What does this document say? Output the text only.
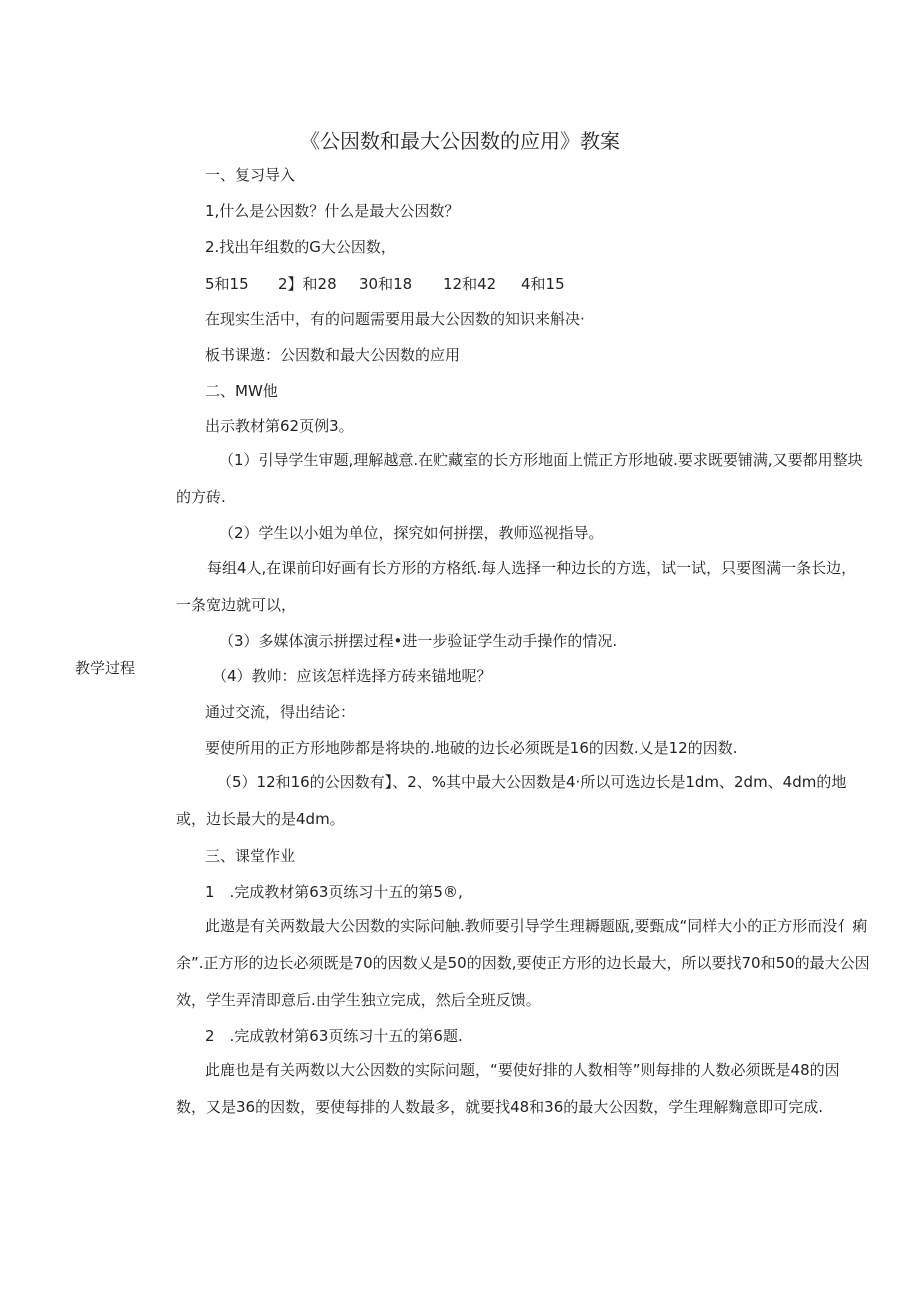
《公因数和最大公因数的应用》教案
教学过程
一、复习导入
1,什么是公因数？什么是最大公因数？
2.找出年组数的G大公因数，
5和15 2】和28 30和18 12和42 4和15
在现实生活中，有的问题需要用最大公因数的知识来斛决·
板书课遨：公因数和最大公因数的应用
二、MW他
出示教材第62页例3。
（1）引导学生审题,理解越意.在贮藏室的长方形地面上慌正方形地破.要求既要铺满,又要都用整块的方砖.
（2）学生以小姐为单位，探究如何拼摆，教师巡视指导。
每组4人,在课前印好画有长方形的方格纸.每人选择一种边长的方选，试一试，只要图满一条长边，一条宽边就可以，
（3）多媒体演示拼摆过程•进一步验证学生动手操作的情况.
（4）教帅：应该怎样选择方砖来锚地呢？
通过交流，得出结论：
要使所用的正方形地陟都是将块的.地破的边长必须既是16的因数.乂是12的因数.
（5）12和16的公因数有】、2、%其中最大公因数是4·所以可选边长是1dm、2dm、4dm的地或，边长最大的是4dm。
三、课堂作业
1　.完成教材第63页练习十五的第5®,
此遨是有关两数最大公因数的实际问触.教师要引导学生理耨题瓯,要甄成“同样大小的正方形而没亻痢余”.正方形的边长必须既是70的因数乂是50的因数,要使正方形的边长最大，所以要找70和50的最大公因效，学生弄清即意后.由学生独立完成，然后全班反馈。
2　.完成敦材第63页练习十五的第6题.
此鹿也是有关两数以大公因数的实际问题，“要使好排的人数相等”则每排的人数必须既是48的因数，又是36的因数，要使每排的人数最多，就要找48和36的最大公因数，学生理解麴意即可完成.
